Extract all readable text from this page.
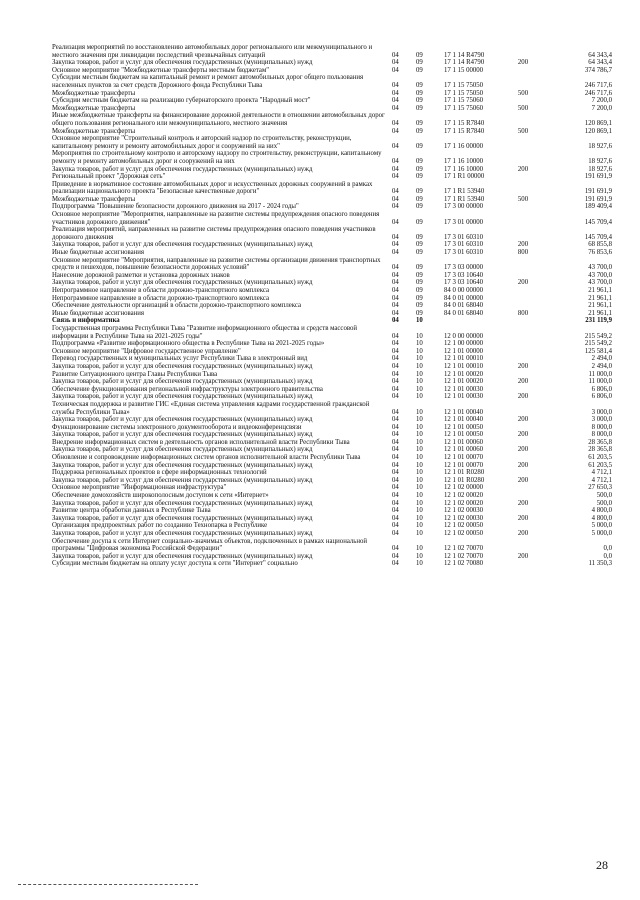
Реализация мероприятий по восстановлению автомобильных дорог регионального или межмуниципального и местного значения при ликвидации последствий чрезвычайных ситуаций	04	09	17 1 14 R4790		64 343,4
Закупка товаров, работ и услуг для обеспечения государственных (муниципальных) нужд	04	09	17 1 14 R4790	200	64 343,4
Основное мероприятие "Межбюджетные трансферты местным бюджетам"	04	09	17 1 15 00000		374 786,7
Субсидии местным бюджетам на капитальный ремонт и ремонт автомобильных дорог общего пользования населенных пунктов за счет средств Дорожного фонда Республики Тыва	04	09	17 1 15 75050		246 717,6
Межбюджетные трансферты	04	09	17 1 15 75050	500	246 717,6
Субсидии местным бюджетам на реализацию губернаторского проекта "Народный мост"	04	09	17 1 15 75060		7 200,0
Межбюджетные трансферты	04	09	17 1 15 75060	500	7 200,0
Иные межбюджетные трансферты на финансирование дорожной деятельности в отношении автомобильных дорог общего пользования регионального или межмуниципального, местного значения	04	09	17 1 15 R7840		120 869,1
Межбюджетные трансферты	04	09	17 1 15 R7840	500	120 869,1
Основное мероприятие "Строительный контроль и авторский надзор по строительству, реконструкции, капитальному ремонту и ремонту автомобильных дорог и сооружений на них"	04	09	17 1 16 00000		18 927,6
Мероприятия по строительному контролю и авторскому надзору по строительству, реконструкции, капитальному ремонту и ремонту автомобильных дорог и сооружений на них	04	09	17 1 16 10000		18 927,6
Закупка товаров, работ и услуг для обеспечения государственных (муниципальных) нужд	04	09	17 1 16 10000	200	18 927,6
Региональный проект "Дорожная сеть"	04	09	17 1 R1 00000		191 691,9
Приведение в нормативное состояние автомобильных дорог и искусственных дорожных сооружений в рамках реализации национального проекта "Безопасные качественные дороги"	04	09	17 1 R1 53940		191 691,9
Межбюджетные трансферты	04	09	17 1 R1 53940	500	191 691,9
Подпрограмма "Повышение безопасности дорожного движения на 2017 - 2024 годы"	04	09	17 3 00 00000		189 409,4
Основное мероприятие "Мероприятия, направленные на развитие системы предупреждения опасного поведения участников дорожного движения"	04	09	17 3 01 00000		145 709,4
Реализация мероприятий, направленных на развитие системы предупреждения опасного поведения участников дорожного движения	04	09	17 3 01 60310		145 709,4
Закупка товаров, работ и услуг для обеспечения государственных (муниципальных) нужд	04	09	17 3 01 60310	200	68 855,8
Иные бюджетные ассигнования	04	09	17 3 01 60310	800	76 853,6
Основное мероприятие "Мероприятия, направленные на развитие системы организации движения транспортных средств и пешеходов, повышение безопасности дорожных условий"	04	09	17 3 03 00000		43 700,0
Нанесение дорожной разметки и установка дорожных знаков	04	09	17 3 03 10640		43 700,0
Закупка товаров, работ и услуг для обеспечения государственных (муниципальных) нужд	04	09	17 3 03 10640	200	43 700,0
Непрограммное направление в области дорожно-транспортного комплекса	04	09	84 0 00 00000		21 961,1
Непрограммное направление в области дорожно-транспортного комплекса	04	09	84 0 01 00000		21 961,1
Обеспечение деятельности организаций в области дорожно-транспортного комплекса	04	09	84 0 01 68040		21 961,1
Иные бюджетные ассигнования	04	09	84 0 01 68040	800	21 961,1
Связь и информатика	04	10			231 119,9
Государственная программа Республики Тыва "Развитие информационного общества и средств массовой информации в Республике Тыва на 2021-2025 годы"	04	10	12 0 00 00000		215 549,2
Подпрограмма «Развитие информационного общества в Республике Тыва на 2021-2025 годы»	04	10	12 1 00 00000		215 549,2
Основное мероприятие "Цифровое государственное управление"	04	10	12 1 01 00000		125 581,4
Перевод государственных и муниципальных услуг Республики Тыва в электронный вид	04	10	12 1 01 00010		2 494,0
Закупка товаров, работ и услуг для обеспечения государственных (муниципальных) нужд	04	10	12 1 01 00010	200	2 494,0
Развитие Ситуационного центра Главы Республики Тыва	04	10	12 1 01 00020		11 000,0
Закупка товаров, работ и услуг для обеспечения государственных (муниципальных) нужд	04	10	12 1 01 00020	200	11 000,0
Обеспечение функционирования региональной инфраструктуры электронного правительства	04	10	12 1 01 00030		6 806,0
Закупка товаров, работ и услуг для обеспечения государственных (муниципальных) нужд	04	10	12 1 01 00030	200	6 806,0
Техническая поддержка и развитие ГИС «Единая система управления кадрами государственной гражданской службы Республики Тыва»	04	10	12 1 01 00040		3 000,0
Закупка товаров, работ и услуг для обеспечения государственных (муниципальных) нужд	04	10	12 1 01 00040	200	3 000,0
Функционирование системы электронного документооборота и видеоконференцсвязи	04	10	12 1 01 00050		8 000,0
Закупка товаров, работ и услуг для обеспечения государственных (муниципальных) нужд	04	10	12 1 01 00050	200	8 000,0
Внедрение информационных систем в деятельность органов исполнительной власти Республики Тыва	04	10	12 1 01 00060		28 365,8
Закупка товаров, работ и услуг для обеспечения государственных (муниципальных) нужд	04	10	12 1 01 00060	200	28 365,8
Обновление и сопровождение информационных систем органов исполнительной власти Республики Тыва	04	10	12 1 01 00070		61 203,5
Закупка товаров, работ и услуг для обеспечения государственных (муниципальных) нужд	04	10	12 1 01 00070	200	61 203,5
Поддержка региональных проектов в сфере информационных технологий	04	10	12 1 01 R0280		4 712,1
Закупка товаров, работ и услуг для обеспечения государственных (муниципальных) нужд	04	10	12 1 01 R0280	200	4 712,1
Основное мероприятие "Информационная инфраструктура"	04	10	12 1 02 00000		27 650,3
Обеспечение домохозяйств широкополосным доступом к сети «Интернет»	04	10	12 1 02 00020		500,0
Закупка товаров, работ и услуг для обеспечения государственных (муниципальных) нужд	04	10	12 1 02 00020	200	500,0
Развитие центра обработки данных в Республике Тыва	04	10	12 1 02 00030		4 800,0
Закупка товаров, работ и услуг для обеспечения государственных (муниципальных) нужд	04	10	12 1 02 00030	200	4 800,0
Организация предпроектных работ по созданию Технопарка в Республике	04	10	12 1 02 00050		5 000,0
Закупка товаров, работ и услуг для обеспечения государственных (муниципальных) нужд	04	10	12 1 02 00050	200	5 000,0
Обеспечение досупа к сети Интернет социально-значимых объектов, подключенных в рамках национальной программы "Цифровая экономика Российской Федерации"	04	10	12 1 02 70070		0,0
Закупка товаров, работ и услуг для обеспечения государственных (муниципальных) нужд	04	10	12 1 02 70070	200	0,0
Субсидии местным бюджетам на оплату услуг доступа к сети "Интернет" социально	04	10	12 1 02 70080		11 350,3
28
